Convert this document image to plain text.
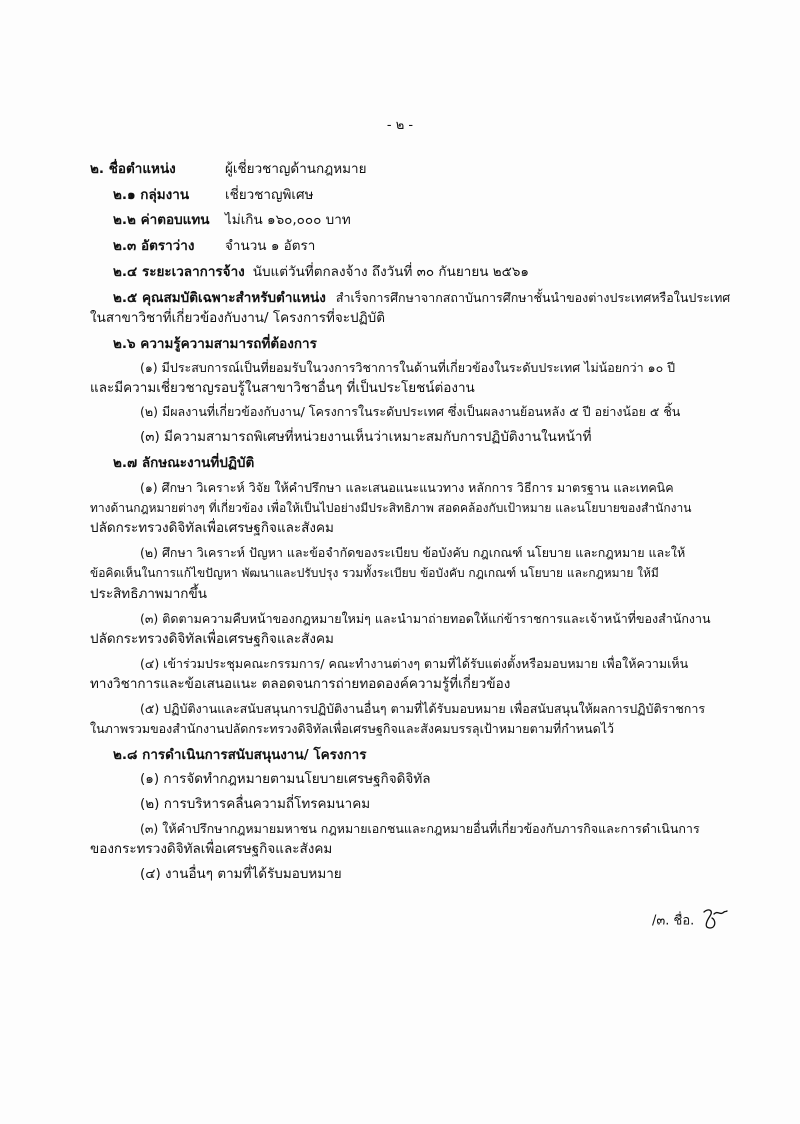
- ๒ -
๒. ชื่อตำแหน่ง	ผู้เชี่ยวชาญด้านกฎหมาย
๒.๑ กลุ่มงาน	เชี่ยวชาญพิเศษ
๒.๒ ค่าตอบแทน ไม่เกิน ๑๖๐,๐๐๐ บาท
๒.๓ อัตราว่าง จำนวน ๑ อัตรา
๒.๔ ระยะเวลาการจ้าง นับแต่วันที่ตกลงจ้าง ถึงวันที่ ๓๐ กันยายน ๒๕๖๑
๒.๕ คุณสมบัติเฉพาะสำหรับตำแหน่ง สำเร็จการศึกษาจากสถาบันการศึกษาชั้นนำของต่างประเทศหรือในประเทศ
ในสาขาวิชาที่เกี่ยวข้องกับงาน/ โครงการที่จะปฏิบัติ
๒.๖ ความรู้ความสามารถที่ต้องการ
(๑) มีประสบการณ์เป็นที่ยอมรับในวงการวิชาการในด้านที่เกี่ยวข้องในระดับประเทศ ไม่น้อยกว่า ๑๐ ปี
และมีความเชี่ยวชาญรอบรู้ในสาขาวิชาอื่นๆ ที่เป็นประโยชน์ต่องาน
(๒) มีผลงานที่เกี่ยวข้องกับงาน/ โครงการในระดับประเทศ ซึ่งเป็นผลงานย้อนหลัง ๕ ปี อย่างน้อย ๕ ชิ้น
(๓) มีความสามารถพิเศษที่หน่วยงานเห็นว่าเหมาะสมกับการปฏิบัติงานในหน้าที่
๒.๗ ลักษณะงานที่ปฏิบัติ
(๑) ศึกษา วิเคราะห์ วิจัย ให้คำปรึกษา และเสนอแนะแนวทาง หลักการ วิธีการ มาตรฐาน และเทคนิค
ทางด้านกฎหมายต่างๆ ที่เกี่ยวข้อง เพื่อให้เป็นไปอย่างมีประสิทธิภาพ สอดคล้องกับเป้าหมาย และนโยบายของสำนักงาน
ปลัดกระทรวงดิจิทัลเพื่อเศรษฐกิจและสังคม
(๒) ศึกษา วิเคราะห์ ปัญหา และข้อจำกัดของระเบียบ ข้อบังคับ กฎเกณฑ์ นโยบาย และกฎหมาย และให้
ข้อคิดเห็นในการแก้ไขปัญหา พัฒนาและปรับปรุง รวมทั้งระเบียบ ข้อบังคับ กฎเกณฑ์ นโยบาย และกฎหมาย ให้มี
ประสิทธิภาพมากขึ้น
(๓) ติดตามความคืบหน้าของกฎหมายใหม่ๆ และนำมาถ่ายทอดให้แก่ข้าราชการและเจ้าหน้าที่ของสำนักงาน
ปลัดกระทรวงดิจิทัลเพื่อเศรษฐกิจและสังคม
(๔) เข้าร่วมประชุมคณะกรรมการ/ คณะทำงานต่างๆ ตามที่ได้รับแต่งตั้งหรือมอบหมาย เพื่อให้ความเห็น
ทางวิชาการและข้อเสนอแนะ ตลอดจนการถ่ายทอดองค์ความรู้ที่เกี่ยวข้อง
(๕) ปฏิบัติงานและสนับสนุนการปฏิบัติงานอื่นๆ ตามที่ได้รับมอบหมาย เพื่อสนับสนุนให้ผลการปฏิบัติราชการ
ในภาพรวมของสำนักงานปลัดกระทรวงดิจิทัลเพื่อเศรษฐกิจและสังคมบรรลุเป้าหมายตามที่กำหนดไว้
๒.๘ การดำเนินการสนับสนุนงาน/ โครงการ
(๑) การจัดทำกฎหมายตามนโยบายเศรษฐกิจดิจิทัล
(๒) การบริหารคลื่นความถี่โทรคมนาคม
(๓) ให้คำปรึกษากฎหมายมหาชน กฎหมายเอกชนและกฎหมายอื่นที่เกี่ยวข้องกับภารกิจและการดำเนินการ
ของกระทรวงดิจิทัลเพื่อเศรษฐกิจและสังคม
(๔) งานอื่นๆ ตามที่ได้รับมอบหมาย
/๓. ชื่อ.
